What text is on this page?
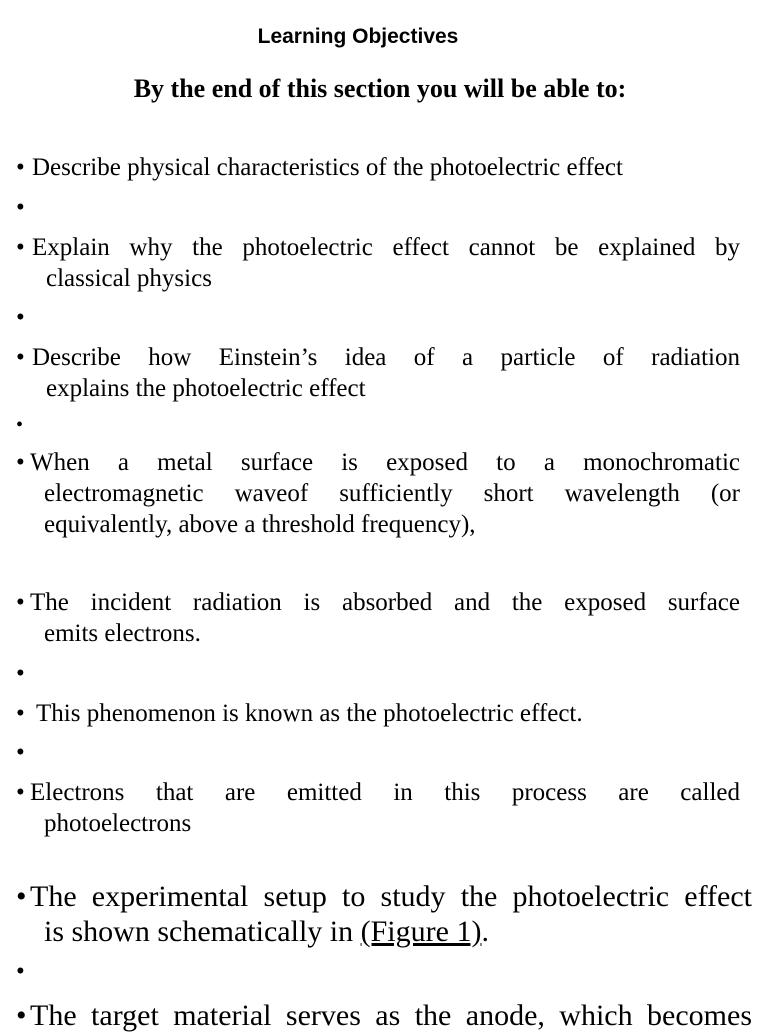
Learning Objectives
By the end of this section you will be able to:
• Describe physical characteristics of the photoelectric effect
•
• Explain why the photoelectric effect cannot be explained by
classical physics
•
• Describe how Einstein’s idea of a particle of radiation
explains the photoelectric effect
•
• When a metal surface is exposed to a monochromatic
electromagnetic waveof sufficiently short wavelength (or
equivalently, above a threshold frequency),
• The incident radiation is absorbed and the exposed surface
emits electrons.
•
• This phenomenon is known as the photoelectric effect.
•
• Electrons that are emitted in this process are called
photoelectrons
• The experimental setup to study the photoelectric effect
is shown schematically in (Figure 1).
•
• The target material serves as the anode, which becomes
